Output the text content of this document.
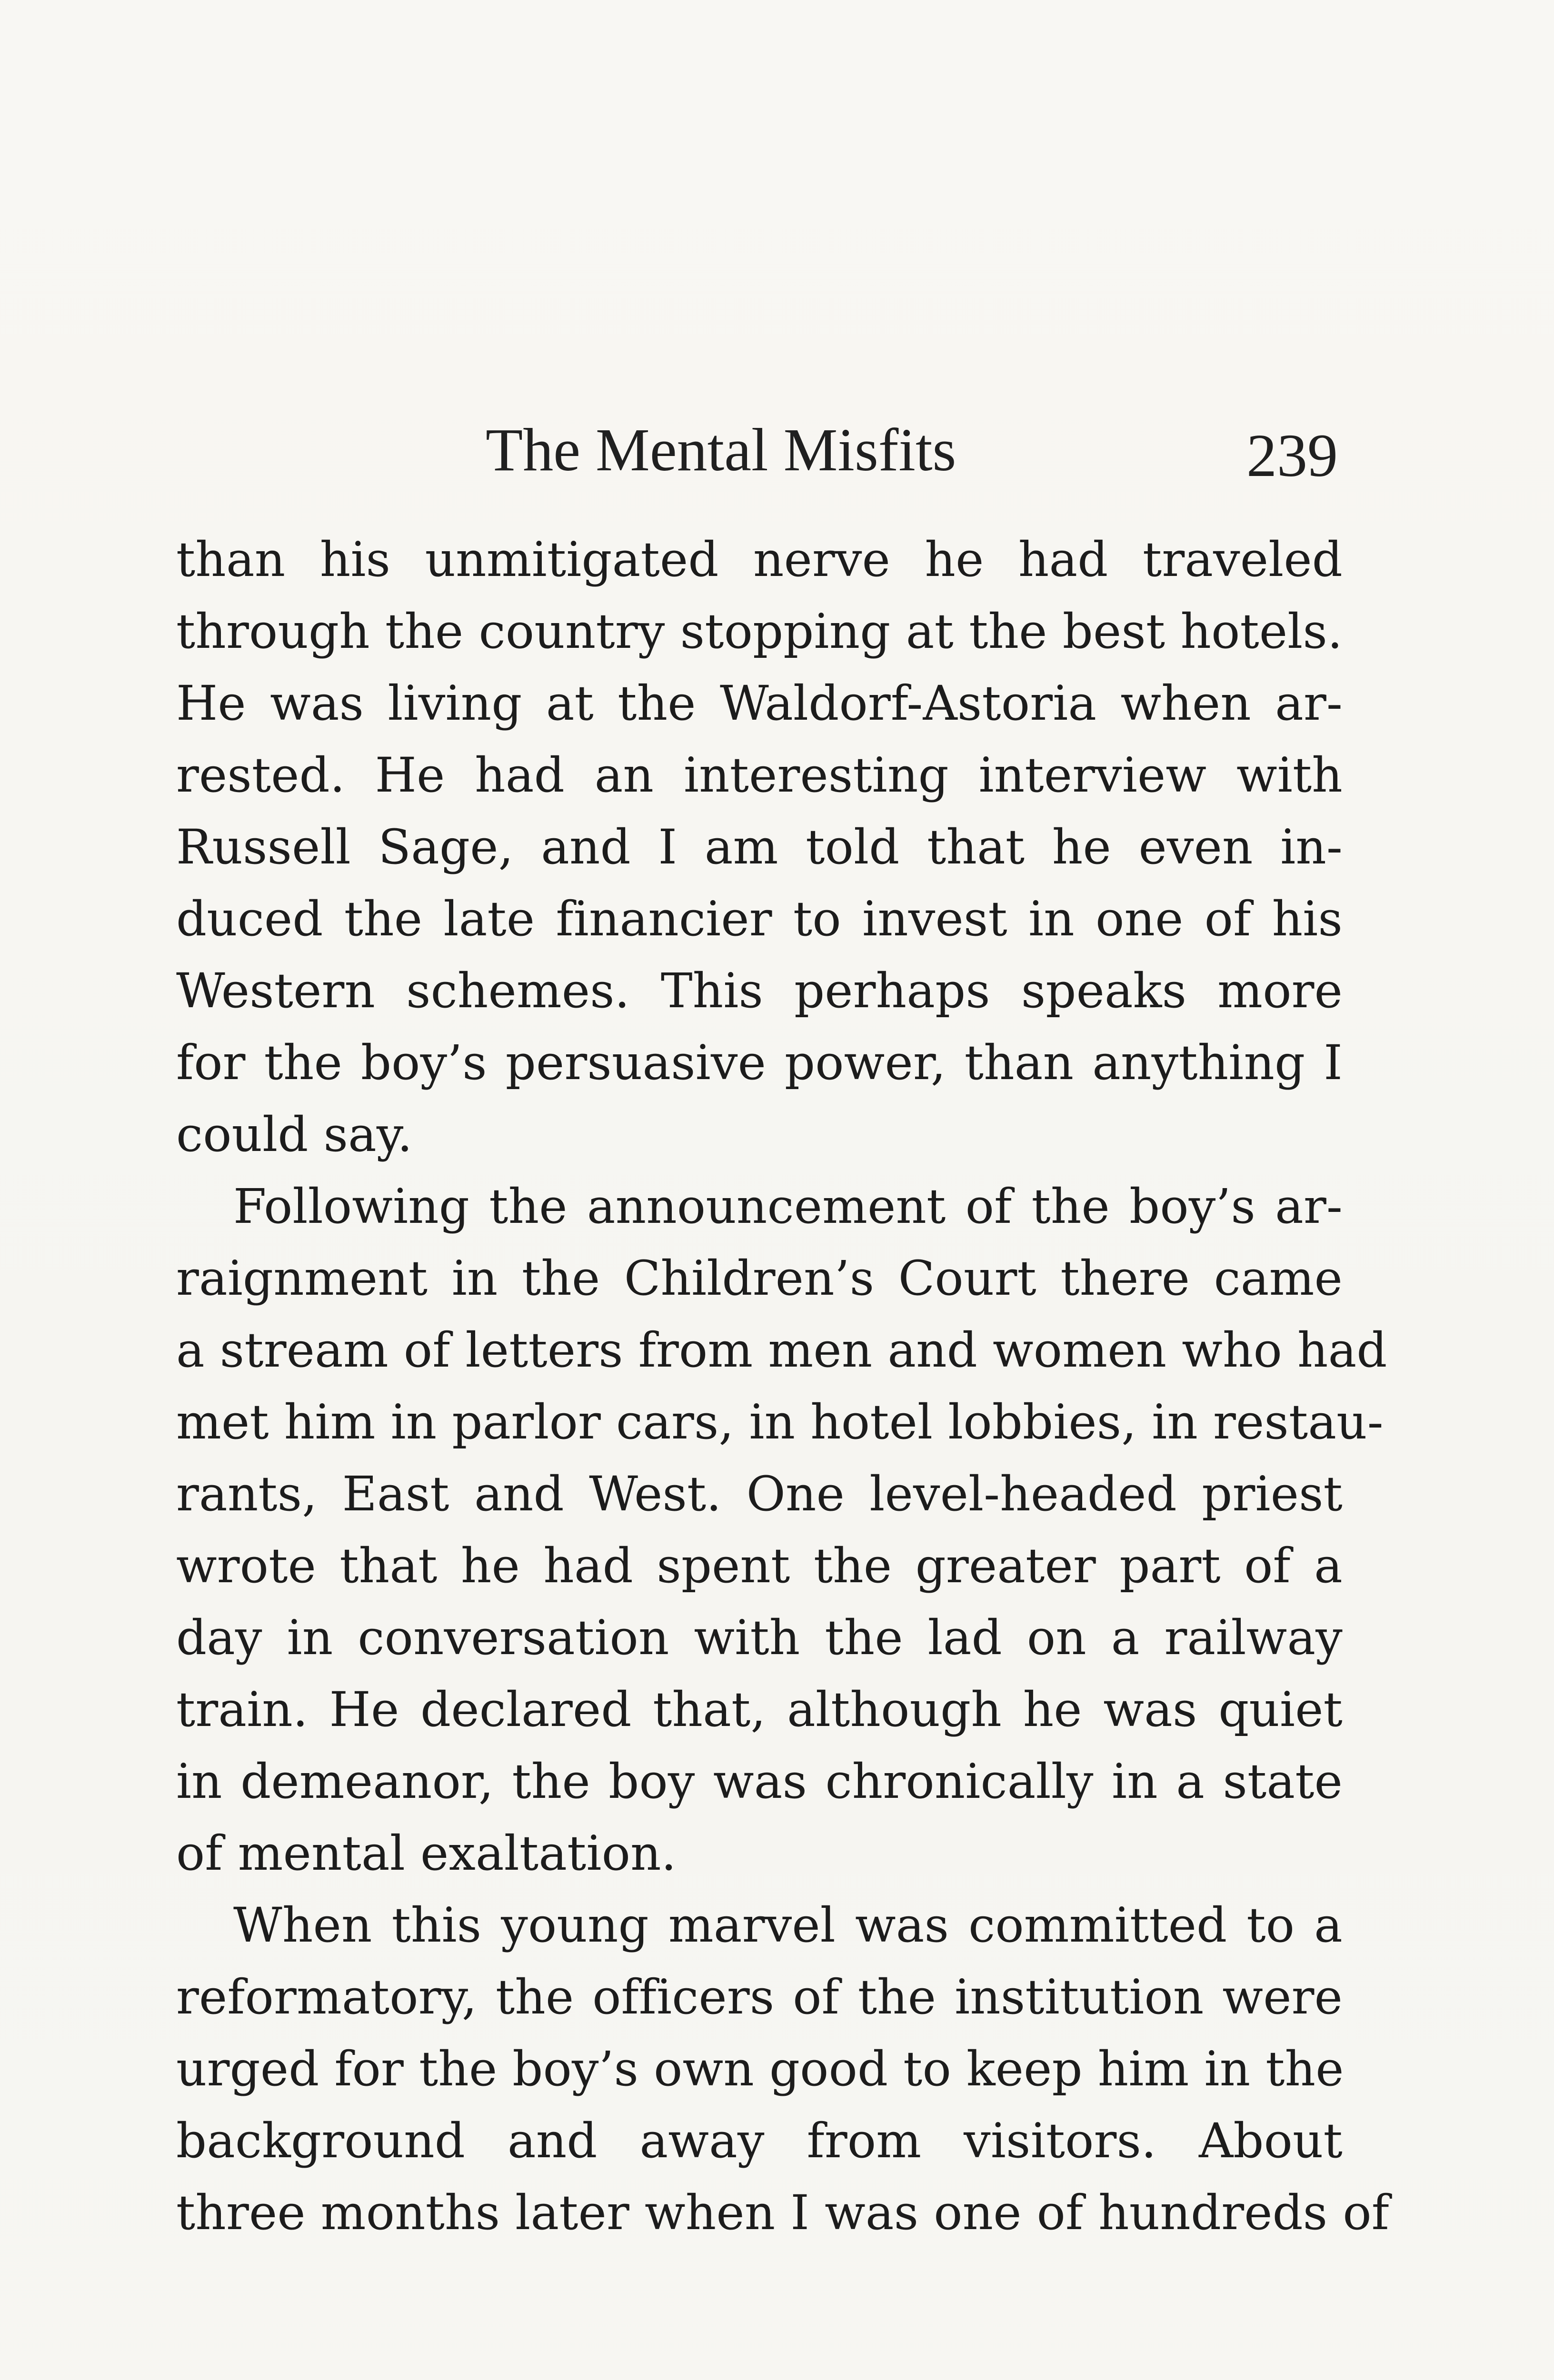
The Mental Misfits	239
than his unmitigated nerve he had traveled
through the country stopping at the best hotels.
He was living at the Waldorf-Astoria when ar-
rested. He had an interesting interview with
Russell Sage, and I am told that he even in-
duced the late financier to invest in one of his
Western schemes. This perhaps speaks more
for the boy’s persuasive power, than anything I
could say.
Following the announcement of the boy’s ar-
raignment in the Children’s Court there came
a stream of letters from men and women who had
met him in parlor cars, in hotel lobbies, in restau-
rants, East and West. One level-headed priest
wrote that he had spent the greater part of a
day in conversation with the lad on a railway
train. He declared that, although he was quiet
in demeanor, the boy was chronically in a state
of mental exaltation.
When this young marvel was committed to a
reformatory, the officers of the institution were
urged for the boy’s own good to keep him in the
background and away from visitors. About
three months later when I was one of hundreds of
